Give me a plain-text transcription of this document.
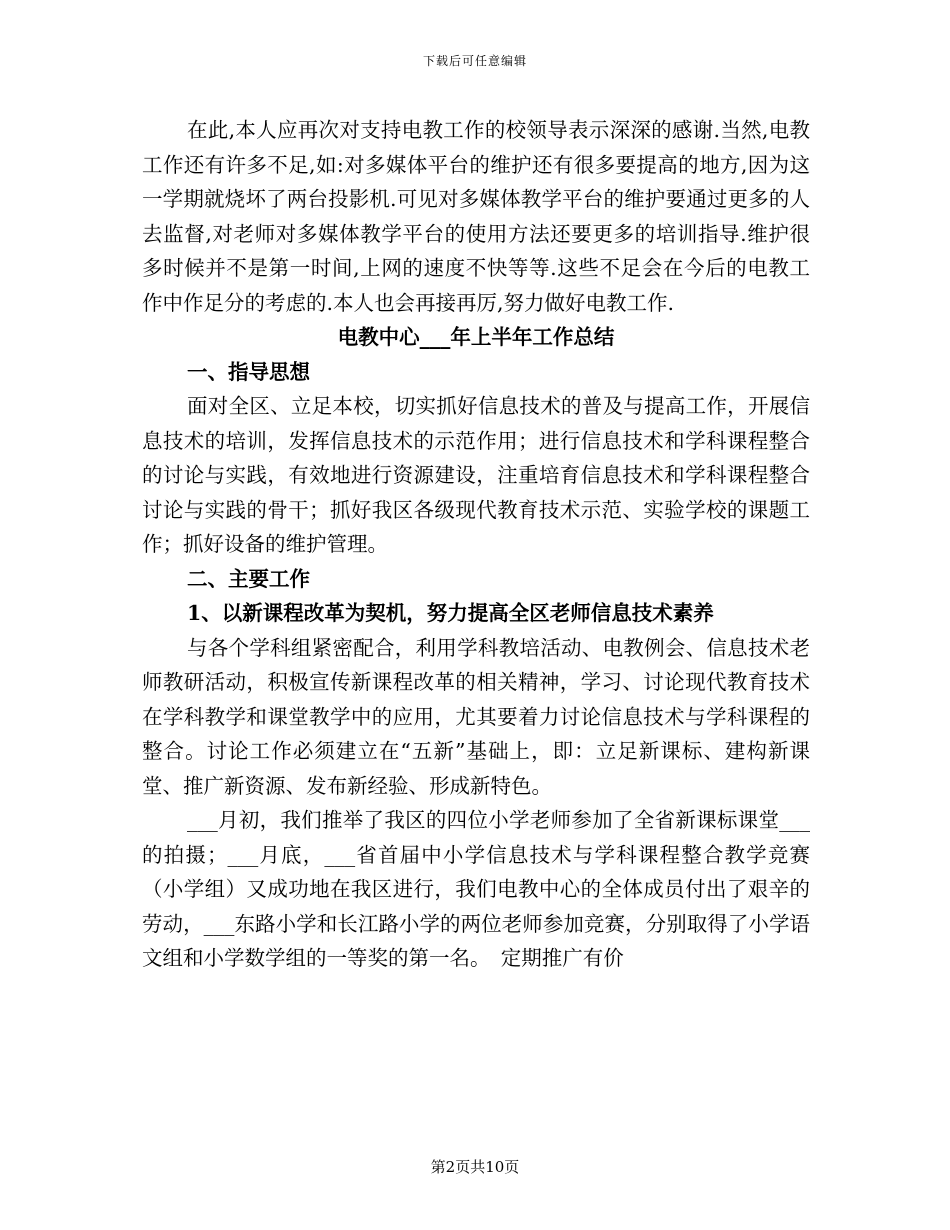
下载后可任意编辑

在此,本人应再次对支持电教工作的校领导表示深深的感谢.当然,电教工作还有许多不足,如:对多媒体平台的维护还有很多要提高的地方,因为这一学期就烧坏了两台投影机.可见对多媒体教学平台的维护要通过更多的人去监督,对老师对多媒体教学平台的使用方法还要更多的培训指导.维护很多时候并不是第一时间,上网的速度不快等等.这些不足会在今后的电教工作中作足分的考虑的.本人也会再接再厉,努力做好电教工作.

电教中心___年上半年工作总结

一、指导思想

面对全区、立足本校，切实抓好信息技术的普及与提高工作，开展信息技术的培训，发挥信息技术的示范作用；进行信息技术和学科课程整合的讨论与实践，有效地进行资源建设，注重培育信息技术和学科课程整合讨论与实践的骨干；抓好我区各级现代教育技术示范、实验学校的课题工作；抓好设备的维护管理。

二、主要工作

1、以新课程改革为契机，努力提高全区老师信息技术素养

与各个学科组紧密配合，利用学科教培活动、电教例会、信息技术老师教研活动，积极宣传新课程改革的相关精神，学习、讨论现代教育技术在学科教学和课堂教学中的应用，尤其要着力讨论信息技术与学科课程的整合。讨论工作必须建立在“五新”基础上，即：立足新课标、建构新课堂、推广新资源、发布新经验、形成新特色。

___月初，我们推举了我区的四位小学老师参加了全省新课标课堂___的拍摄；___月底，___省首届中小学信息技术与学科课程整合教学竞赛（小学组）又成功地在我区进行，我们电教中心的全体成员付出了艰辛的劳动，___东路小学和长江路小学的两位老师参加竞赛，分别取得了小学语文组和小学数学组的一等奖的第一名。　定期推广有价

第2页共10页
